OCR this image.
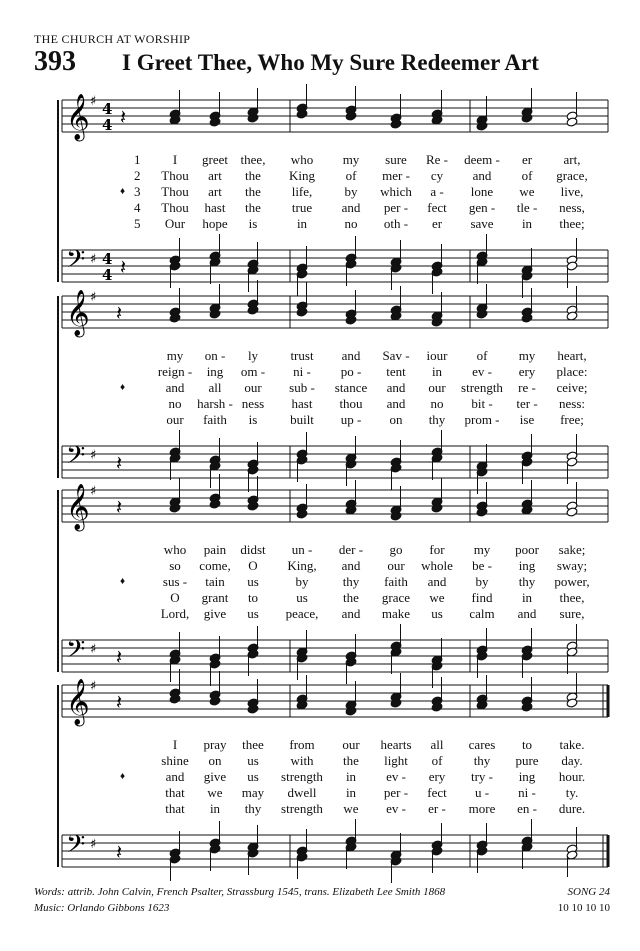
THE CHURCH AT WORSHIP
393 I Greet Thee, Who My Sure Redeemer Art
𝄞 ♯ 4
4 𝄽
𝄢 ♯ 4
4 𝄽
𝄞 ♯
𝄽
𝄢 ♯ 𝄽
𝄞 ♯
𝄽
𝄢 ♯ 𝄽
𝄞 ♯
𝄽
𝄢 ♯ 𝄽
1 I greet thee, who my sure Re - deem - er art,
2 Thou art the King of mer - cy and of grace,
♦ 3 Thou art the life, by which a - lone we live,
4 Thou hast the true and per - fect gen - tle - ness,
5 Our hope is	in	no oth - er save in thee;
my on - ly trust and Sav - iour of my heart,
reign - ing om - ni - po - tent in ev - ery place:
♦	and all our sub - stance and our strength re - ceive;
no harsh - ness hast thou and no bit - ter - ness:
our faith is	built up - on thy prom - ise free;
who pain didst un - der - go for my poor sake;
so come, O King, and our whole be - ing sway;
♦	sus - tain us	by	thy faith and by thy power,
O grant to	us	the grace we find in thee,
Lord, give us peace, and make us calm and sure,
I pray thee from our hearts all cares to take.
shine on us with the light of thy pure day.
♦	and give us strength in ev - ery try - ing hour.
that we may dwell in per - fect u - ni - ty.
that in thy strength we ev - er - more en - dure.
Words: attrib. John Calvin, French Psalter, Strassburg 1545, trans. Elizabeth Lee Smith 1868
Music: Orlando Gibbons 1623
SONG 24
10 10 10 10
